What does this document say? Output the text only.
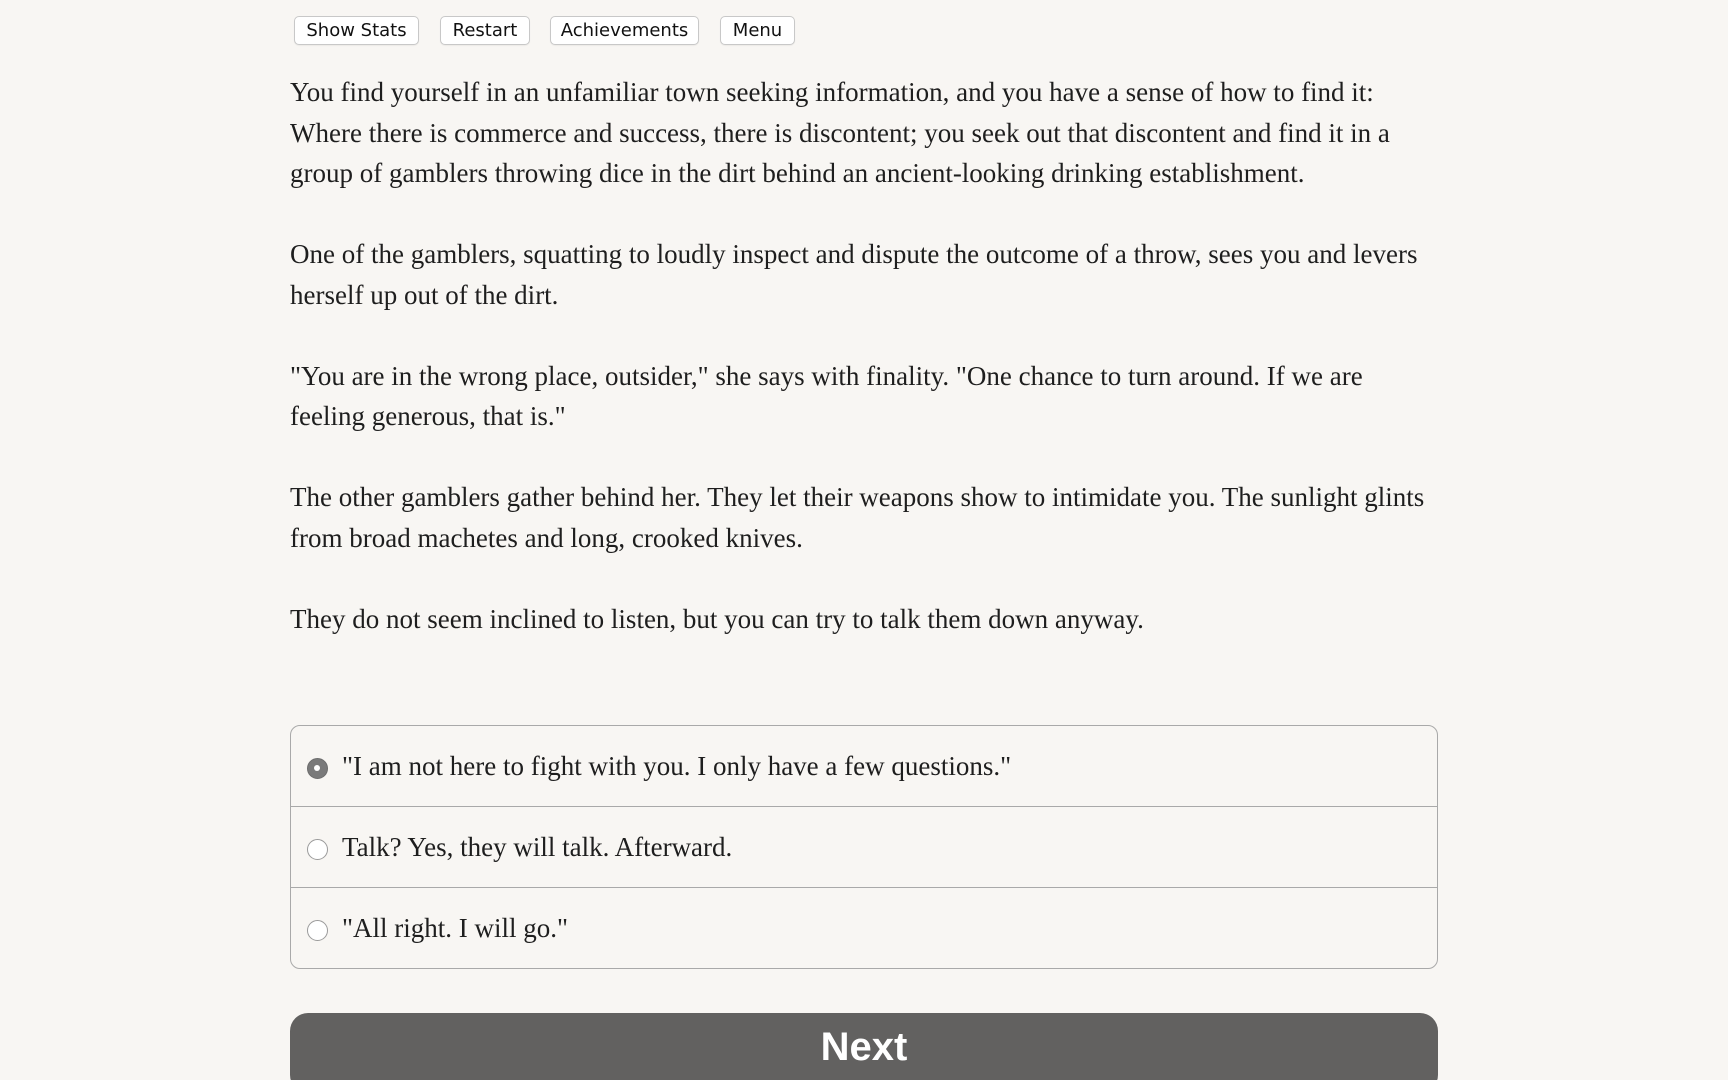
Show Stats	Restart	Achievements	Menu

You find yourself in an unfamiliar town seeking information, and you have a sense of how to find it: Where there is commerce and success, there is discontent; you seek out that discontent and find it in a group of gamblers throwing dice in the dirt behind an ancient-looking drinking establishment.

One of the gamblers, squatting to loudly inspect and dispute the outcome of a throw, sees you and levers herself up out of the dirt.

"You are in the wrong place, outsider," she says with finality. "One chance to turn around. If we are feeling generous, that is."

The other gamblers gather behind her. They let their weapons show to intimidate you. The sunlight glints from broad machetes and long, crooked knives.

They do not seem inclined to listen, but you can try to talk them down anyway.

"I am not here to fight with you. I only have a few questions."
Talk? Yes, they will talk. Afterward.
"All right. I will go."
Next
